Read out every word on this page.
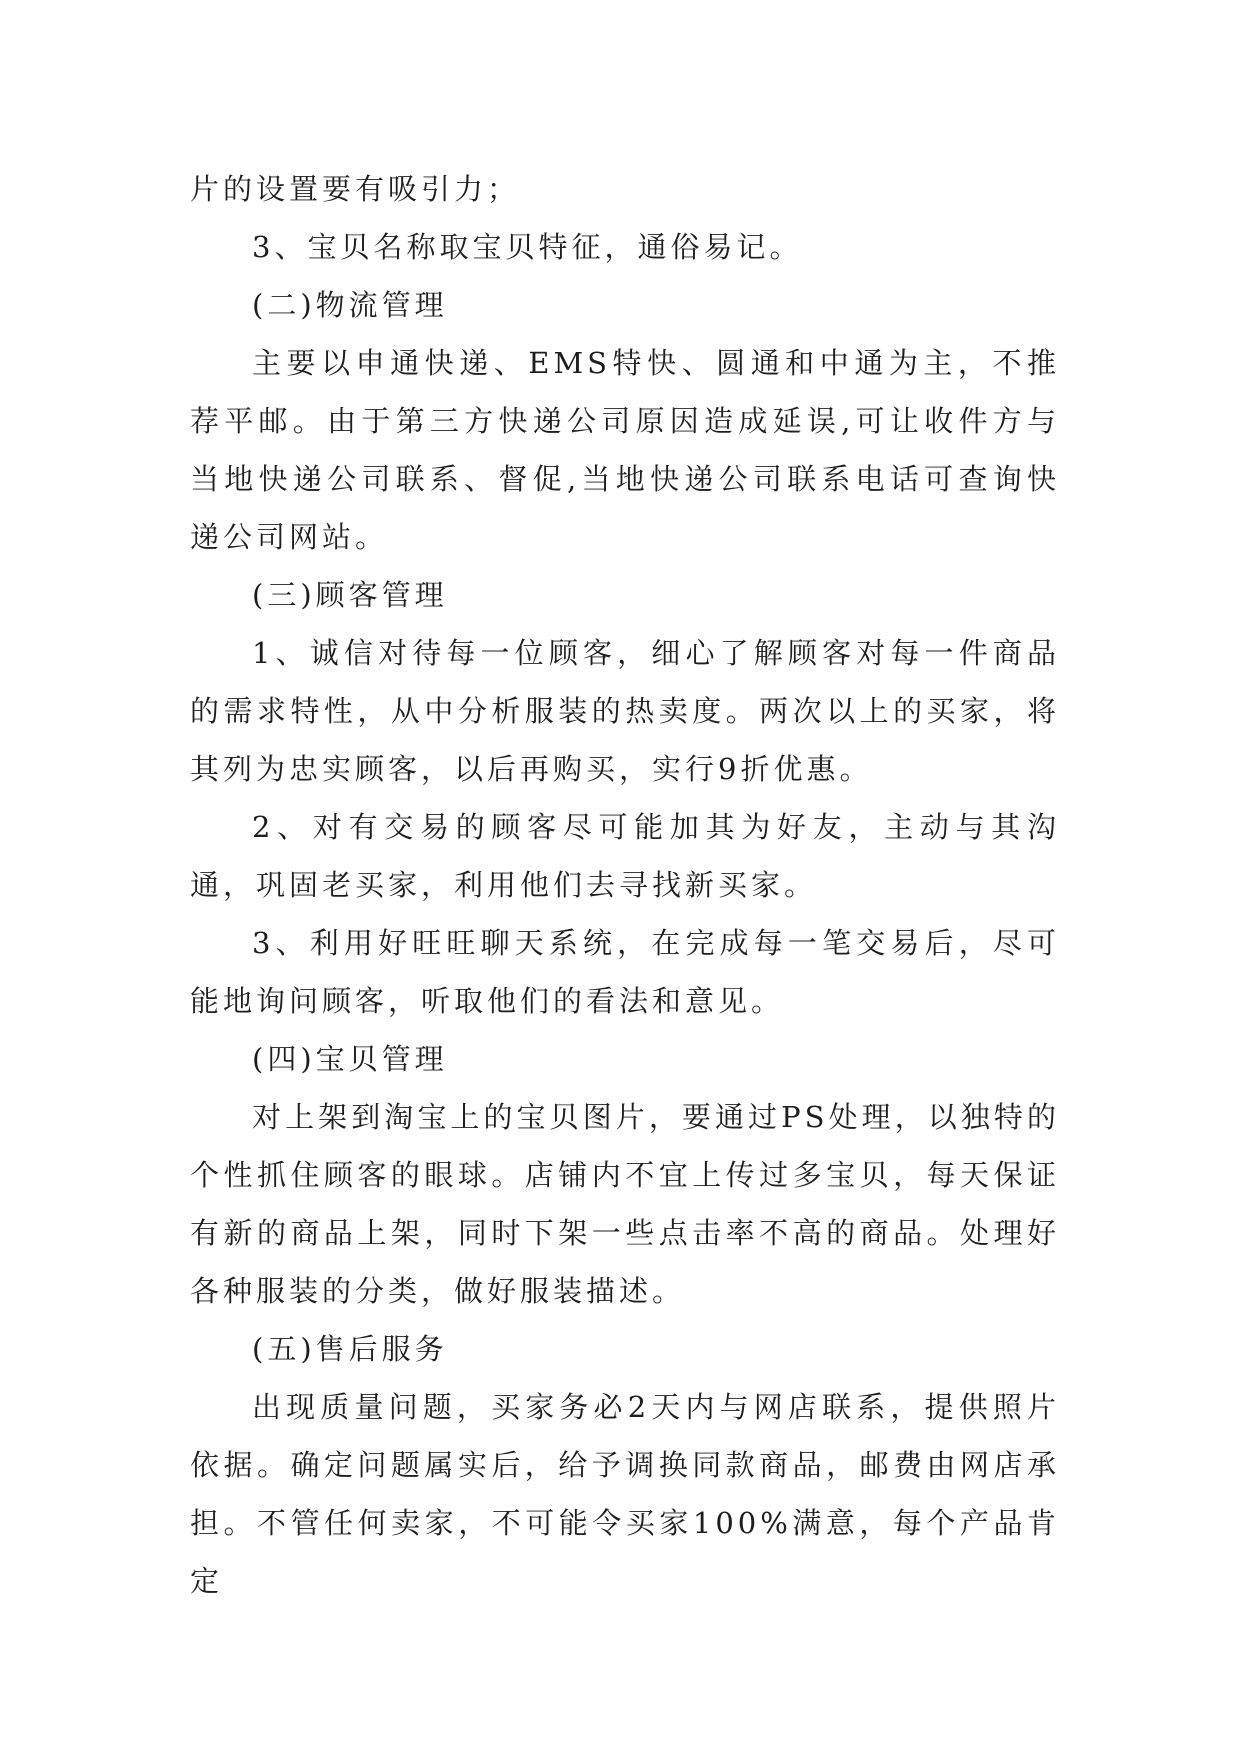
片的设置要有吸引力；

3、宝贝名称取宝贝特征，通俗易记。

(二)物流管理

主要以申通快递、EMS特快、圆通和中通为主，不推荐平邮。由于第三方快递公司原因造成延误,可让收件方与当地快递公司联系、督促,当地快递公司联系电话可查询快递公司网站。

(三)顾客管理

1、诚信对待每一位顾客，细心了解顾客对每一件商品的需求特性，从中分析服装的热卖度。两次以上的买家，将其列为忠实顾客，以后再购买，实行9折优惠。

2、对有交易的顾客尽可能加其为好友，主动与其沟通，巩固老买家，利用他们去寻找新买家。

3、利用好旺旺聊天系统，在完成每一笔交易后，尽可能地询问顾客，听取他们的看法和意见。

(四)宝贝管理

对上架到淘宝上的宝贝图片，要通过PS处理，以独特的个性抓住顾客的眼球。店铺内不宜上传过多宝贝，每天保证有新的商品上架，同时下架一些点击率不高的商品。处理好各种服装的分类，做好服装描述。

(五)售后服务

出现质量问题，买家务必2天内与网店联系，提供照片依据。确定问题属实后，给予调换同款商品，邮费由网店承担。不管任何卖家，不可能令买家100%满意，每个产品肯定
